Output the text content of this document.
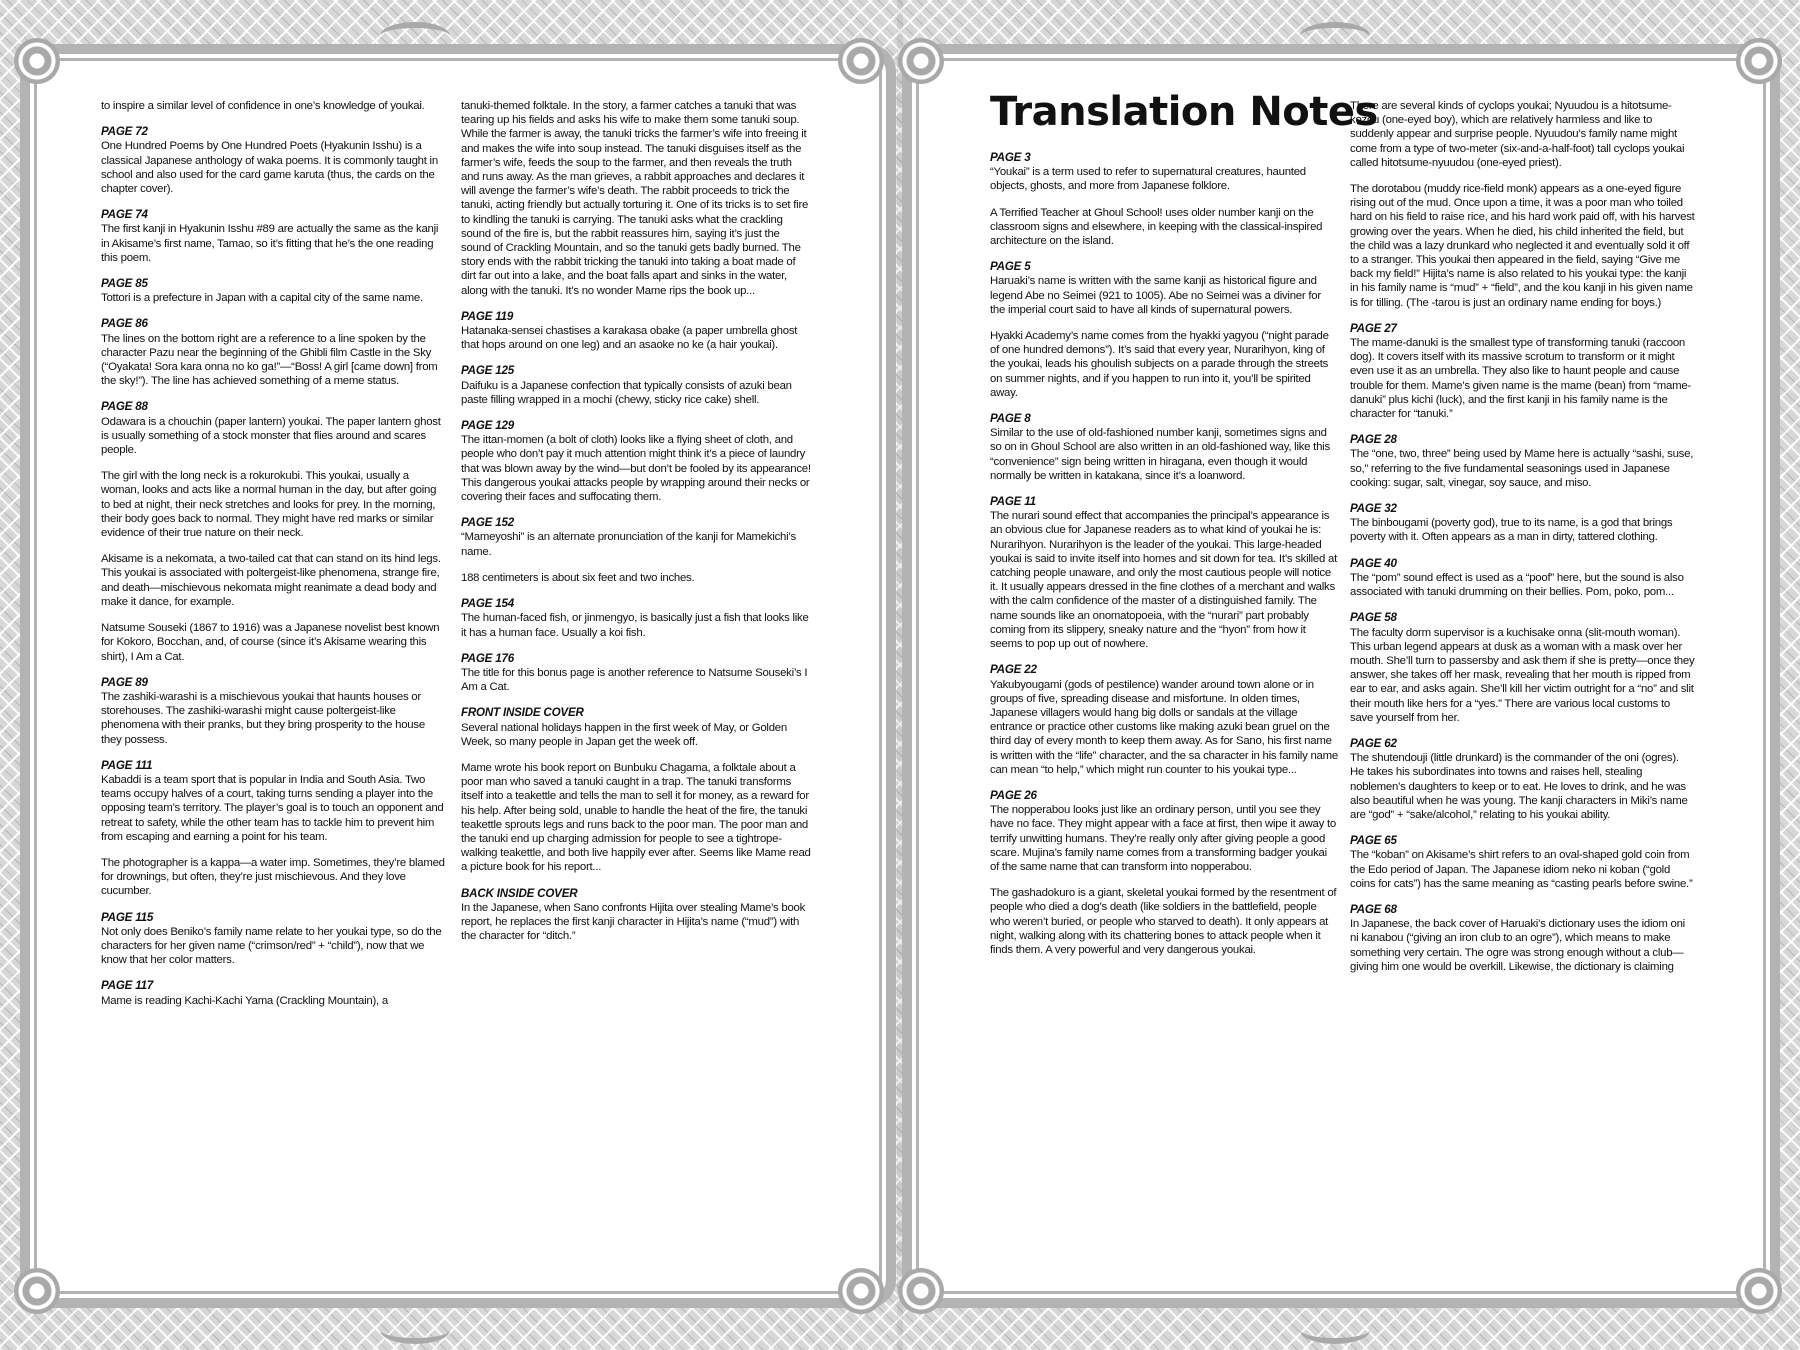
Translation Notes

to inspire a similar level of confidence in one’s knowledge of youkai.

PAGE 72

One Hundred Poems by One Hundred Poets (Hyakunin Isshu) is a classical Japanese anthology of waka poems. It is commonly taught in school and also used for the card game karuta (thus, the cards on the chapter cover).

PAGE 74

The first kanji in Hyakunin Isshu #89 are actually the same as the kanji in Akisame’s first name, Tamao, so it’s fitting that he’s the one reading this poem.

PAGE 85

Tottori is a prefecture in Japan with a capital city of the same name.

PAGE 86

The lines on the bottom right are a reference to a line spoken by the character Pazu near the beginning of the Ghibli film Castle in the Sky (“Oyakata! Sora kara onna no ko ga!”—“Boss! A girl [came down] from the sky!”). The line has achieved something of a meme status.

PAGE 88

Odawara is a chouchin (paper lantern) youkai. The paper lantern ghost is usually something of a stock monster that flies around and scares people.

The girl with the long neck is a rokurokubi. This youkai, usually a woman, looks and acts like a normal human in the day, but after going to bed at night, their neck stretches and looks for prey. In the morning, their body goes back to normal. They might have red marks or similar evidence of their true nature on their neck.

Akisame is a nekomata, a two-tailed cat that can stand on its hind legs. This youkai is associated with poltergeist-like phenomena, strange fire, and death—mischievous nekomata might reanimate a dead body and make it dance, for example.

Natsume Souseki (1867 to 1916) was a Japanese novelist best known for Kokoro, Bocchan, and, of course (since it’s Akisame wearing this shirt), I Am a Cat.

PAGE 89

The zashiki-warashi is a mischievous youkai that haunts houses or storehouses. The zashiki-warashi might cause poltergeist-like phenomena with their pranks, but they bring prosperity to the house they possess.

PAGE 111

Kabaddi is a team sport that is popular in India and South Asia. Two teams occupy halves of a court, taking turns sending a player into the opposing team’s territory. The player’s goal is to touch an opponent and retreat to safety, while the other team has to tackle him to prevent him from escaping and earning a point for his team.

The photographer is a kappa—a water imp. Sometimes, they’re blamed for drownings, but often, they’re just mischievous. And they love cucumber.

PAGE 115

Not only does Beniko’s family name relate to her youkai type, so do the characters for her given name (“crimson/red” + “child”), now that we know that her color matters.

PAGE 117

Mame is reading Kachi-Kachi Yama (Crackling Mountain), a

tanuki-themed folktale. In the story, a farmer catches a tanuki that was tearing up his fields and asks his wife to make them some tanuki soup. While the farmer is away, the tanuki tricks the farmer’s wife into freeing it and makes the wife into soup instead. The tanuki disguises itself as the farmer’s wife, feeds the soup to the farmer, and then reveals the truth and runs away. As the man grieves, a rabbit approaches and declares it will avenge the farmer’s wife’s death. The rabbit proceeds to trick the tanuki, acting friendly but actually torturing it. One of its tricks is to set fire to kindling the tanuki is carrying. The tanuki asks what the crackling sound of the fire is, but the rabbit reassures him, saying it’s just the sound of Crackling Mountain, and so the tanuki gets badly burned. The story ends with the rabbit tricking the tanuki into taking a boat made of dirt far out into a lake, and the boat falls apart and sinks in the water, along with the tanuki. It’s no wonder Mame rips the book up...

PAGE 119

Hatanaka-sensei chastises a karakasa obake (a paper umbrella ghost that hops around on one leg) and an asaoke no ke (a hair youkai).

PAGE 125

Daifuku is a Japanese confection that typically consists of azuki bean paste filling wrapped in a mochi (chewy, sticky rice cake) shell.

PAGE 129

The ittan-momen (a bolt of cloth) looks like a flying sheet of cloth, and people who don’t pay it much attention might think it’s a piece of laundry that was blown away by the wind—but don’t be fooled by its appearance! This dangerous youkai attacks people by wrapping around their necks or covering their faces and suffocating them.

PAGE 152

“Mameyoshi” is an alternate pronunciation of the kanji for Mamekichi’s name.

188 centimeters is about six feet and two inches.

PAGE 154

The human-faced fish, or jinmengyo, is basically just a fish that looks like it has a human face. Usually a koi fish.

PAGE 176

The title for this bonus page is another reference to Natsume Souseki’s I Am a Cat.

FRONT INSIDE COVER

Several national holidays happen in the first week of May, or Golden Week, so many people in Japan get the week off.

Mame wrote his book report on Bunbuku Chagama, a folktale about a poor man who saved a tanuki caught in a trap. The tanuki transforms itself into a teakettle and tells the man to sell it for money, as a reward for his help. After being sold, unable to handle the heat of the fire, the tanuki teakettle sprouts legs and runs back to the poor man. The poor man and the tanuki end up charging admission for people to see a tightrope-walking teakettle, and both live happily ever after. Seems like Mame read a picture book for his report...

BACK INSIDE COVER

In the Japanese, when Sano confronts Hijita over stealing Mame’s book report, he replaces the first kanji character in Hijita’s name (“mud”) with the character for “ditch.”

PAGE 3

“Youkai” is a term used to refer to supernatural creatures, haunted objects, ghosts, and more from Japanese folklore.

A Terrified Teacher at Ghoul School! uses older number kanji on the classroom signs and elsewhere, in keeping with the classical-inspired architecture on the island.

PAGE 5

Haruaki’s name is written with the same kanji as historical figure and legend Abe no Seimei (921 to 1005). Abe no Seimei was a diviner for the imperial court said to have all kinds of supernatural powers.

Hyakki Academy’s name comes from the hyakki yagyou (“night parade of one hundred demons”). It’s said that every year, Nurarihyon, king of the youkai, leads his ghoulish subjects on a parade through the streets on summer nights, and if you happen to run into it, you’ll be spirited away.

PAGE 8

Similar to the use of old-fashioned number kanji, sometimes signs and so on in Ghoul School are also written in an old-fashioned way, like this “convenience” sign being written in hiragana, even though it would normally be written in katakana, since it’s a loanword.

PAGE 11

The nurari sound effect that accompanies the principal’s appearance is an obvious clue for Japanese readers as to what kind of youkai he is: Nurarihyon. Nurarihyon is the leader of the youkai. This large-headed youkai is said to invite itself into homes and sit down for tea. It’s skilled at catching people unaware, and only the most cautious people will notice it. It usually appears dressed in the fine clothes of a merchant and walks with the calm confidence of the master of a distinguished family. The name sounds like an onomatopoeia, with the “nurari” part probably coming from its slippery, sneaky nature and the “hyon” from how it seems to pop up out of nowhere.

PAGE 22

Yakubyougami (gods of pestilence) wander around town alone or in groups of five, spreading disease and misfortune. In olden times, Japanese villagers would hang big dolls or sandals at the village entrance or practice other customs like making azuki bean gruel on the third day of every month to keep them away. As for Sano, his first name is written with the “life” character, and the sa character in his family name can mean “to help,” which might run counter to his youkai type...

PAGE 26

The nopperabou looks just like an ordinary person, until you see they have no face. They might appear with a face at first, then wipe it away to terrify unwitting humans. They’re really only after giving people a good scare. Mujina’s family name comes from a transforming badger youkai of the same name that can transform into nopperabou.

The gashadokuro is a giant, skeletal youkai formed by the resentment of people who died a dog’s death (like soldiers in the battlefield, people who weren’t buried, or people who starved to death). It only appears at night, walking along with its chattering bones to attack people when it finds them. A very powerful and very dangerous youkai.

There are several kinds of cyclops youkai; Nyuudou is a hitotsume-kozou (one-eyed boy), which are relatively harmless and like to suddenly appear and surprise people. Nyuudou’s family name might come from a type of two-meter (six-and-a-half-foot) tall cyclops youkai called hitotsume-nyuudou (one-eyed priest).

The dorotabou (muddy rice-field monk) appears as a one-eyed figure rising out of the mud. Once upon a time, it was a poor man who toiled hard on his field to raise rice, and his hard work paid off, with his harvest growing over the years. When he died, his child inherited the field, but the child was a lazy drunkard who neglected it and eventually sold it off to a stranger. This youkai then appeared in the field, saying “Give me back my field!” Hijita’s name is also related to his youkai type: the kanji in his family name is “mud” + “field”, and the kou kanji in his given name is for tilling. (The -tarou is just an ordinary name ending for boys.)

PAGE 27

The mame-danuki is the smallest type of transforming tanuki (raccoon dog). It covers itself with its massive scrotum to transform or it might even use it as an umbrella. They also like to haunt people and cause trouble for them. Mame’s given name is the mame (bean) from “mame-danuki” plus kichi (luck), and the first kanji in his family name is the character for “tanuki.”

PAGE 28

The “one, two, three” being used by Mame here is actually “sashi, suse, so,” referring to the five fundamental seasonings used in Japanese cooking: sugar, salt, vinegar, soy sauce, and miso.

PAGE 32

The binbougami (poverty god), true to its name, is a god that brings poverty with it. Often appears as a man in dirty, tattered clothing.

PAGE 40

The “pom” sound effect is used as a “poof” here, but the sound is also associated with tanuki drumming on their bellies. Pom, poko, pom...

PAGE 58

The faculty dorm supervisor is a kuchisake onna (slit-mouth woman). This urban legend appears at dusk as a woman with a mask over her mouth. She’ll turn to passersby and ask them if she is pretty—once they answer, she takes off her mask, revealing that her mouth is ripped from ear to ear, and asks again. She’ll kill her victim outright for a “no” and slit their mouth like hers for a “yes.” There are various local customs to save yourself from her.

PAGE 62

The shutendouji (little drunkard) is the commander of the oni (ogres). He takes his subordinates into towns and raises hell, stealing noblemen’s daughters to keep or to eat. He loves to drink, and he was also beautiful when he was young. The kanji characters in Miki’s name are “god” + “sake/alcohol,” relating to his youkai ability.

PAGE 65

The “koban” on Akisame’s shirt refers to an oval-shaped gold coin from the Edo period of Japan. The Japanese idiom neko ni koban (“gold coins for cats”) has the same meaning as “casting pearls before swine.”

PAGE 68

In Japanese, the back cover of Haruaki’s dictionary uses the idiom oni ni kanabou (“giving an iron club to an ogre”), which means to make something very certain. The ogre was strong enough without a club—giving him one would be overkill. Likewise, the dictionary is claiming
